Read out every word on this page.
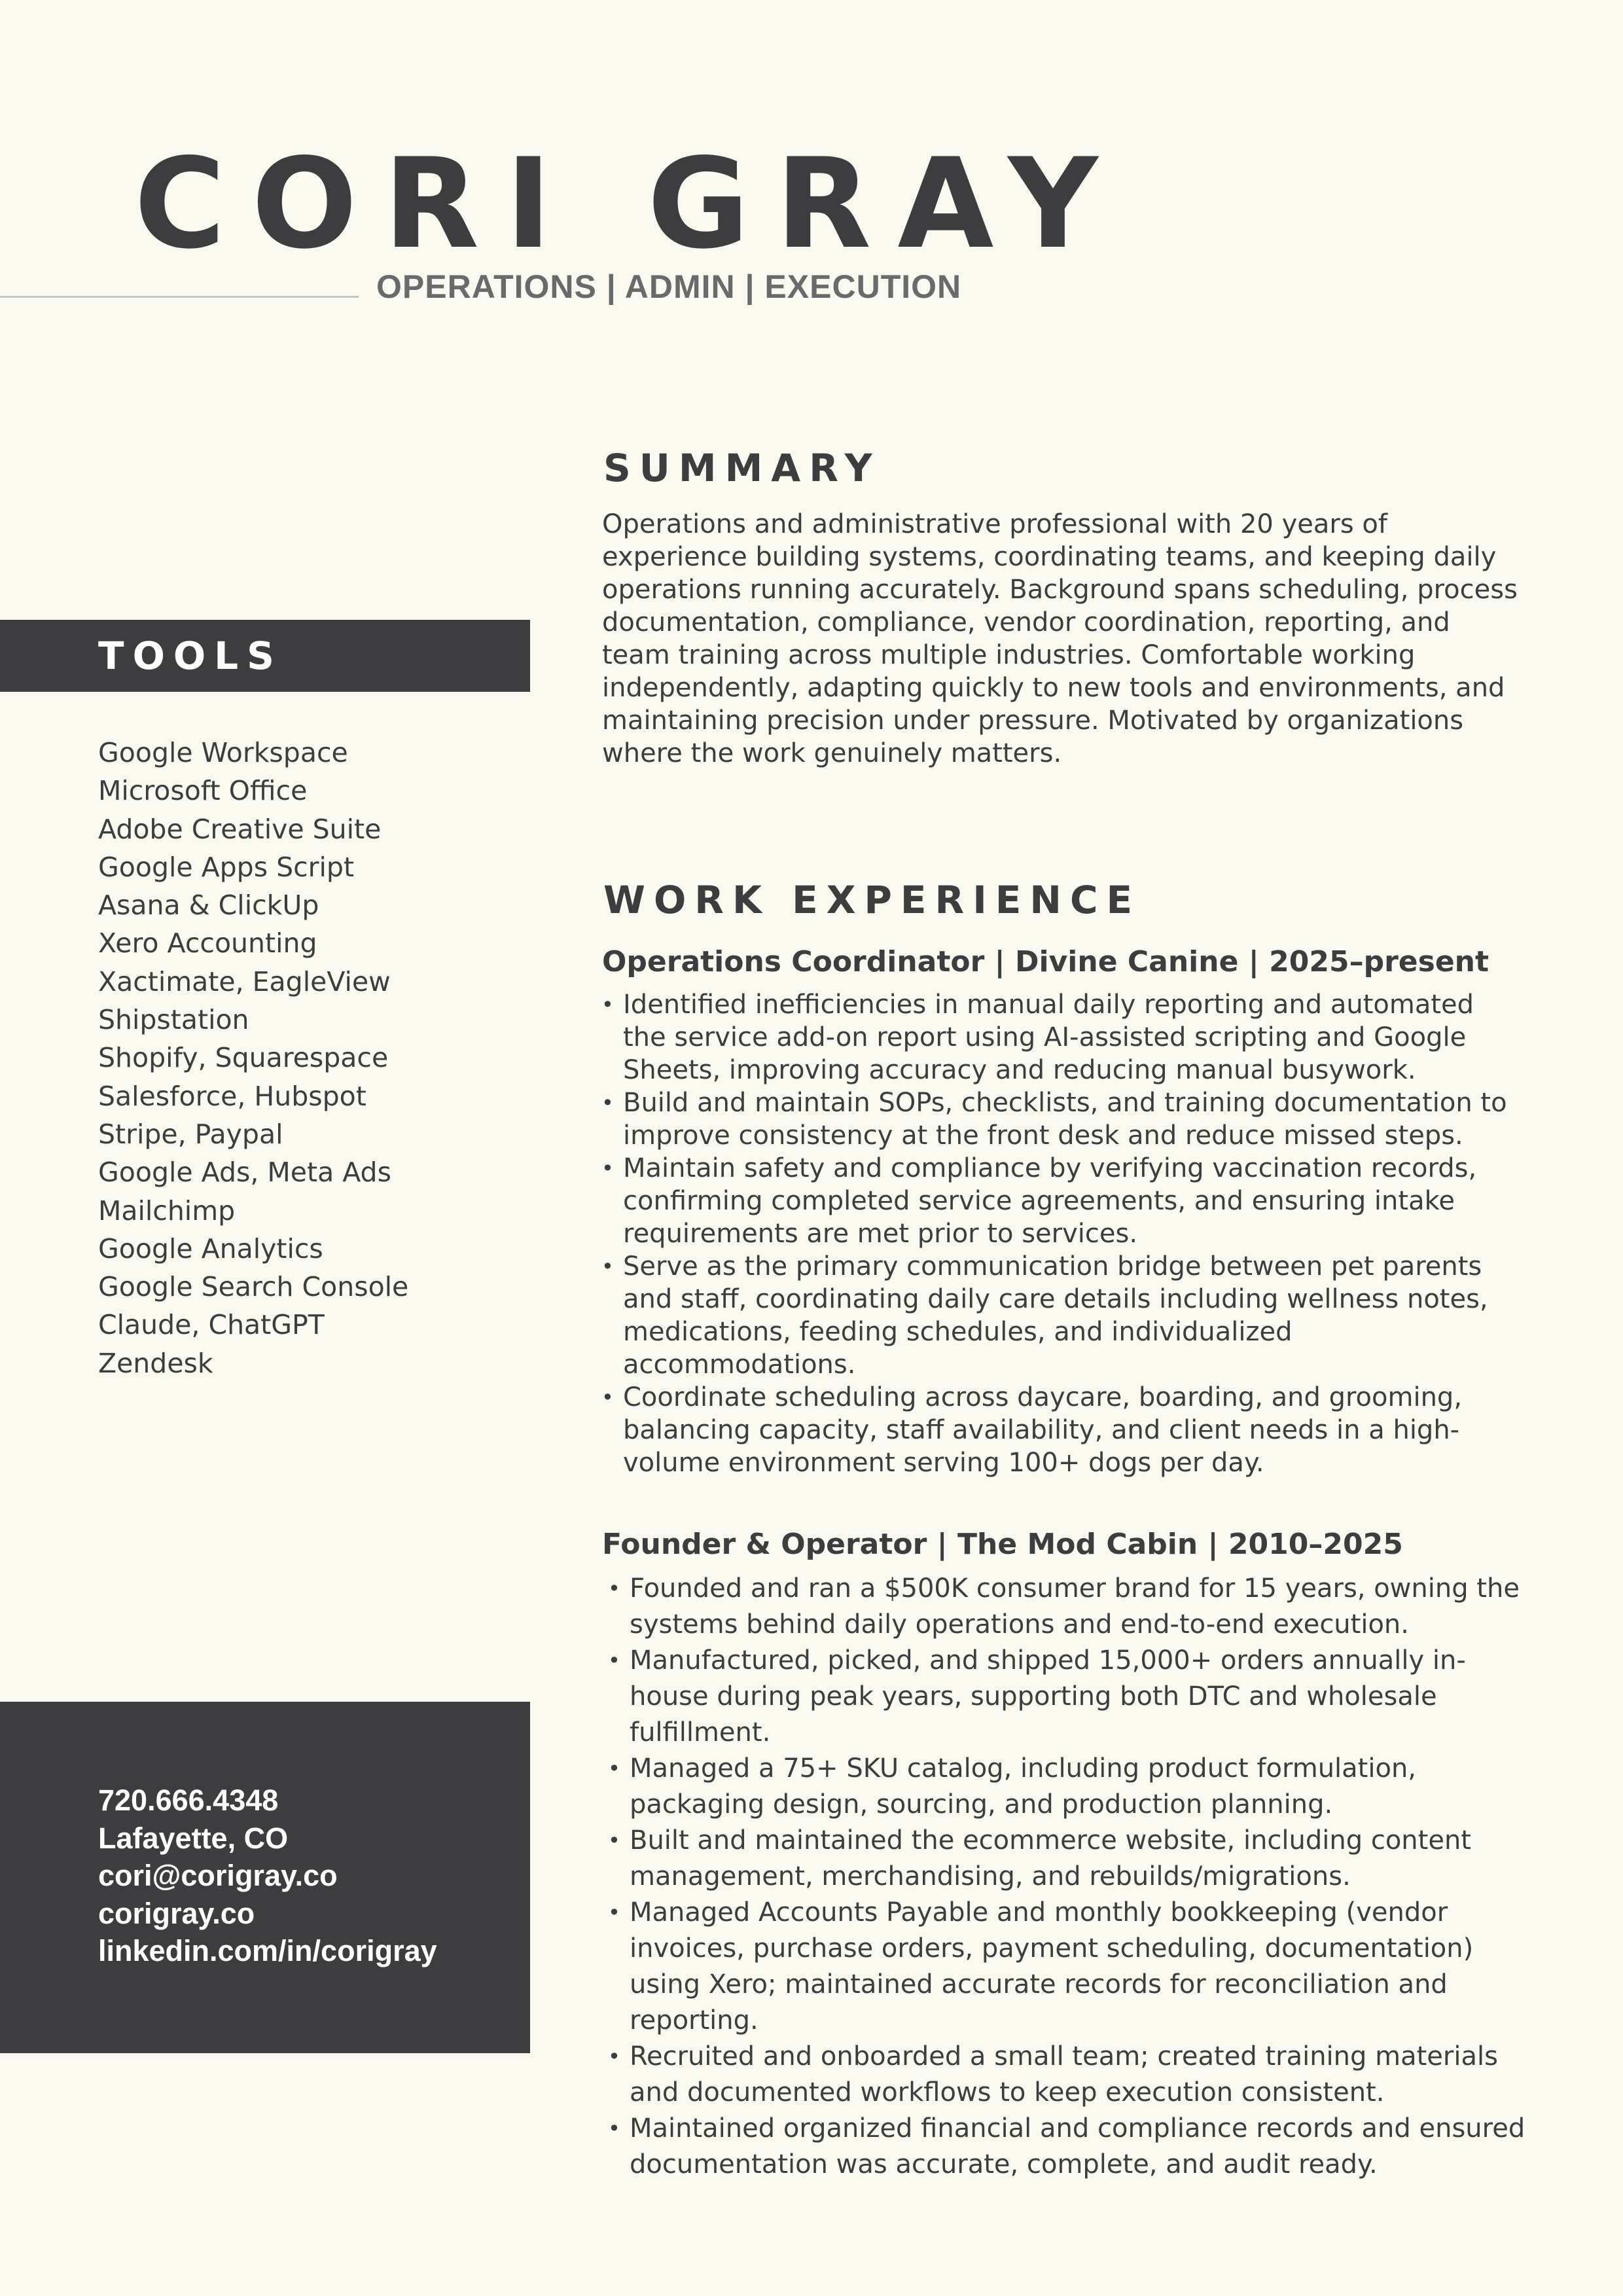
CORI GRAY
OPERATIONS | ADMIN | EXECUTION
SUMMARY
Operations and administrative professional with 20 years of experience building systems, coordinating teams, and keeping daily operations running accurately. Background spans scheduling, process documentation, compliance, vendor coordination, reporting, and team training across multiple industries. Comfortable working independently, adapting quickly to new tools and environments, and maintaining precision under pressure. Motivated by organizations where the work genuinely matters.
TOOLS
Google Workspace
Microsoft Office
Adobe Creative Suite
Google Apps Script
Asana & ClickUp
Xero Accounting
Xactimate, EagleView
Shipstation
Shopify, Squarespace
Salesforce, Hubspot
Stripe, Paypal
Google Ads, Meta Ads
Mailchimp
Google Analytics
Google Search Console
Claude, ChatGPT
Zendesk
WORK EXPERIENCE
Operations Coordinator | Divine Canine | 2025–present
• Identified inefficiencies in manual daily reporting and automated the service add-on report using AI-assisted scripting and Google Sheets, improving accuracy and reducing manual busywork.
• Build and maintain SOPs, checklists, and training documentation to improve consistency at the front desk and reduce missed steps.
• Maintain safety and compliance by verifying vaccination records, confirming completed service agreements, and ensuring intake requirements are met prior to services.
• Serve as the primary communication bridge between pet parents and staff, coordinating daily care details including wellness notes, medications, feeding schedules, and individualized accommodations.
• Coordinate scheduling across daycare, boarding, and grooming, balancing capacity, staff availability, and client needs in a high-volume environment serving 100+ dogs per day.
Founder & Operator | The Mod Cabin | 2010–2025
• Founded and ran a $500K consumer brand for 15 years, owning the systems behind daily operations and end-to-end execution.
• Manufactured, picked, and shipped 15,000+ orders annually in-house during peak years, supporting both DTC and wholesale fulfillment.
• Managed a 75+ SKU catalog, including product formulation, packaging design, sourcing, and production planning.
• Built and maintained the ecommerce website, including content management, merchandising, and rebuilds/migrations.
• Managed Accounts Payable and monthly bookkeeping (vendor invoices, purchase orders, payment scheduling, documentation) using Xero; maintained accurate records for reconciliation and reporting.
• Recruited and onboarded a small team; created training materials and documented workflows to keep execution consistent.
• Maintained organized financial and compliance records and ensured documentation was accurate, complete, and audit ready.
720.666.4348
Lafayette, CO
cori@corigray.co
corigray.co
linkedin.com/in/corigray
